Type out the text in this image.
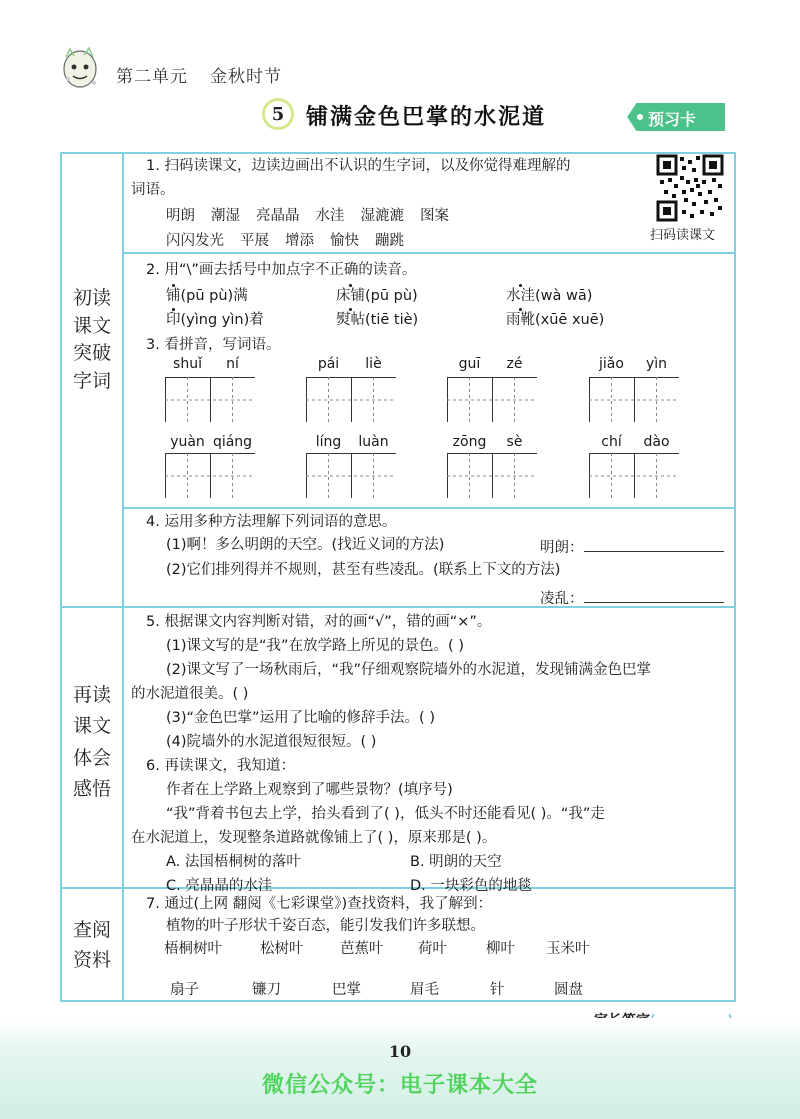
第二单元 金秋时节
5 铺满金色巴掌的水泥道	预习卡
初读课文突破字词
再读课文体会感悟
查阅资料
1. 扫码读课文，边读边画出不认识的生字词，以及你觉得难理解的
词语。
明朗 潮湿 亮晶晶 水洼 湿漉漉 图案
闪闪发光 平展 增添 愉快 蹦跳	扫码读课文
2. 用“\”画去括号中加点字不正确的读音。
铺(pū pù)满	床铺(pū pù)	水洼(wà wā)
印(yìng yìn)着	熨帖(tiē tiè)	雨靴(xūē xuē)
3. 看拼音，写词语。
shuǐ	ní	pái	liè	guī	zé	jiǎo	yìn
yuàn qiáng	líng	luàn	zōng	sè	chí	dào
4. 运用多种方法理解下列词语的意思。
(1)啊！多么明朗的天空。(找近义词的方法)	明朗：
(2)它们排列得并不规则，甚至有些凌乱。(联系上下文的方法)
凌乱：
5. 根据课文内容判断对错，对的画“√”，错的画“×”。
(1)课文写的是“我”在放学路上所见的景色。( )
(2)课文写了一场秋雨后，“我”仔细观察院墙外的水泥道，发现铺满金色巴掌
的水泥道很美。( )
(3)“金色巴掌”运用了比喻的修辞手法。( )
(4)院墙外的水泥道很短很短。( )
6. 再读课文，我知道：
作者在上学路上观察到了哪些景物？(填序号)
“我”背着书包去上学，抬头看到了( )，低头不时还能看见( )。“我”走
在水泥道上，发现整条道路就像铺上了( )，原来那是( )。
A. 法国梧桐树的落叶	B. 明朗的天空
C. 亮晶晶的水洼	D. 一块彩色的地毯
7. 通过(上网 翻阅《七彩课堂》)查找资料，我了解到：
植物的叶子形状千姿百态，能引发我们许多联想。
梧桐树叶	松树叶	芭蕉叶 荷叶	柳叶 玉米叶
扇子	镰刀	巴掌	眉毛	针	圆盘
10
微信公众号：电子课本大全
